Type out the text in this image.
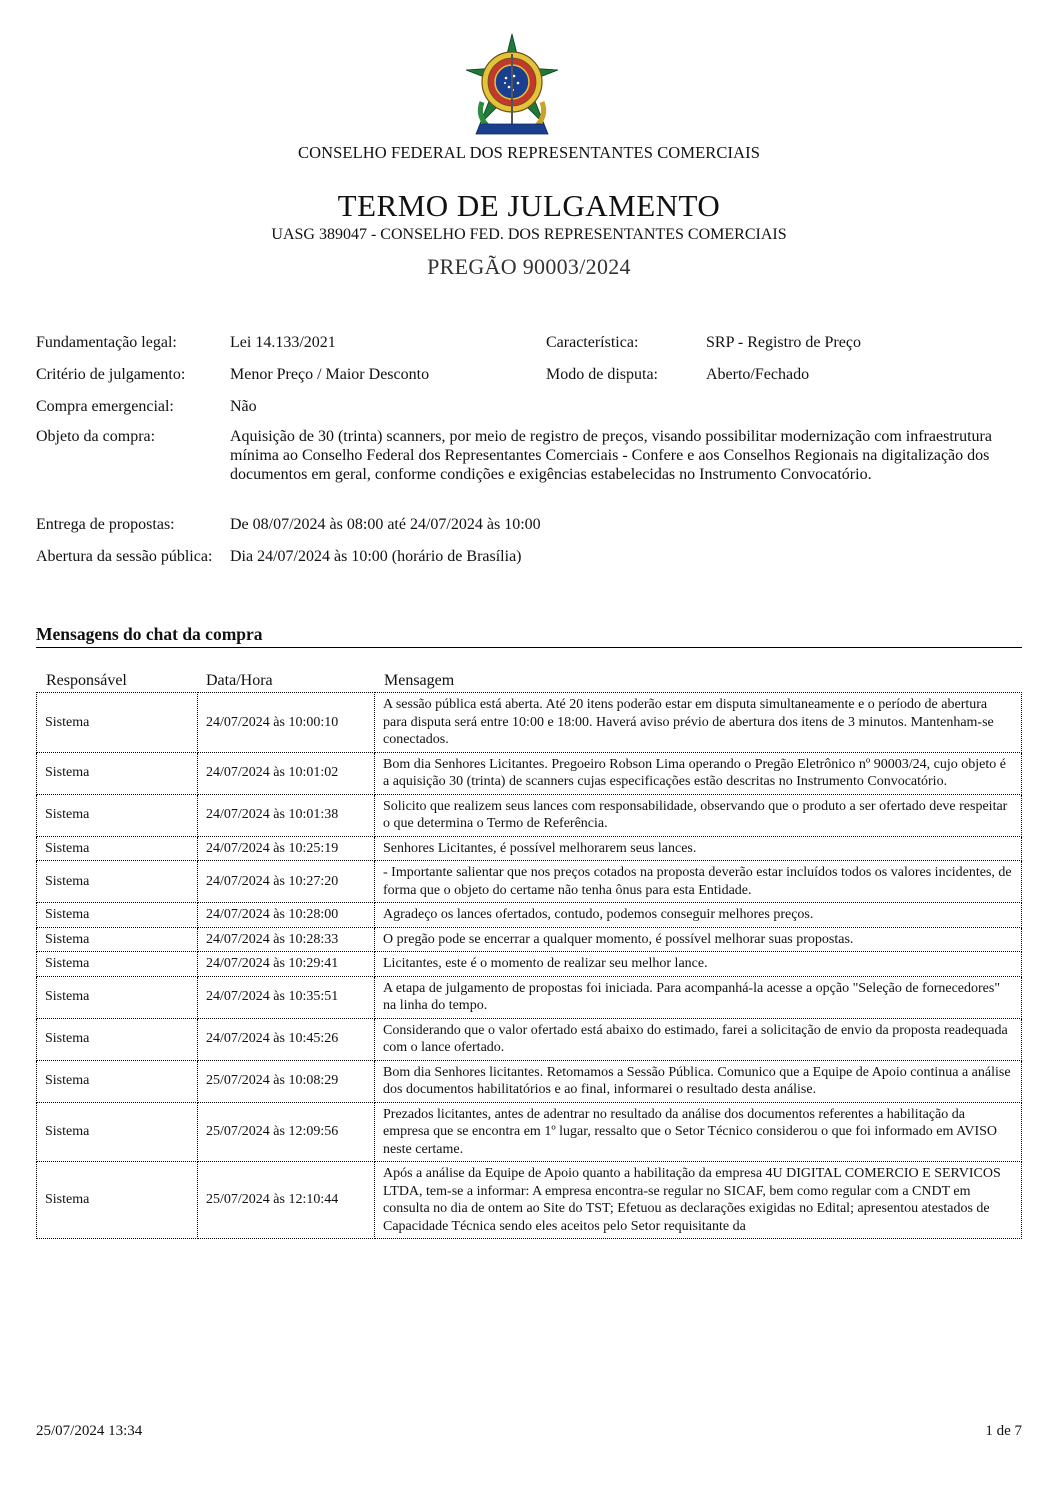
CONSELHO FEDERAL DOS REPRESENTANTES COMERCIAIS
TERMO DE JULGAMENTO
UASG 389047 - CONSELHO FED. DOS REPRESENTANTES COMERCIAIS
PREGÃO 90003/2024
Fundamentação legal:	Lei 14.133/2021	Característica:	SRP - Registro de Preço
Critério de julgamento:	Menor Preço / Maior Desconto	Modo de disputa:	Aberto/Fechado
Compra emergencial:	Não
Objeto da compra:	Aquisição de 30 (trinta) scanners, por meio de registro de preços, visando possibilitar modernização com infraestrutura mínima ao Conselho Federal dos Representantes Comerciais - Confere e aos Conselhos Regionais na digitalização dos documentos em geral, conforme condições e exigências estabelecidas no Instrumento Convocatório.
Entrega de propostas:	De 08/07/2024 às 08:00 até 24/07/2024 às 10:00
Abertura da sessão pública: Dia 24/07/2024 às 10:00 (horário de Brasília)
Mensagens do chat da compra
Responsável	Data/Hora	Mensagem
Sistema	24/07/2024 às 10:00:10	A sessão pública está aberta. Até 20 itens poderão estar em disputa simultaneamente e o período de abertura para disputa será entre 10:00 e 18:00. Haverá aviso prévio de abertura dos itens de 3 minutos. Mantenham-se conectados.
Sistema	24/07/2024 às 10:01:02	Bom dia Senhores Licitantes. Pregoeiro Robson Lima operando o Pregão Eletrônico nº 90003/24, cujo objeto é a aquisição 30 (trinta) de scanners cujas especificações estão descritas no Instrumento Convocatório.
Sistema	24/07/2024 às 10:01:38	Solicito que realizem seus lances com responsabilidade, observando que o produto a ser ofertado deve respeitar o que determina o Termo de Referência.
Sistema	24/07/2024 às 10:25:19	Senhores Licitantes, é possível melhorarem seus lances.
Sistema	24/07/2024 às 10:27:20	- Importante salientar que nos preços cotados na proposta deverão estar incluídos todos os valores incidentes, de forma que o objeto do certame não tenha ônus para esta Entidade.
Sistema	24/07/2024 às 10:28:00	Agradeço os lances ofertados, contudo, podemos conseguir melhores preços.
Sistema	24/07/2024 às 10:28:33	O pregão pode se encerrar a qualquer momento, é possível melhorar suas propostas.
Sistema	24/07/2024 às 10:29:41	Licitantes, este é o momento de realizar seu melhor lance.
Sistema	24/07/2024 às 10:35:51	A etapa de julgamento de propostas foi iniciada. Para acompanhá-la acesse a opção "Seleção de fornecedores" na linha do tempo.
Sistema	24/07/2024 às 10:45:26	Considerando que o valor ofertado está abaixo do estimado, farei a solicitação de envio da proposta readequada com o lance ofertado.
Sistema	25/07/2024 às 10:08:29	Bom dia Senhores licitantes. Retomamos a Sessão Pública. Comunico que a Equipe de Apoio continua a análise dos documentos habilitatórios e ao final, informarei o resultado desta análise.
Sistema	25/07/2024 às 12:09:56	Prezados licitantes, antes de adentrar no resultado da análise dos documentos referentes a habilitação da empresa que se encontra em 1º lugar, ressalto que o Setor Técnico considerou o que foi informado em AVISO neste certame.
Sistema	25/07/2024 às 12:10:44	Após a análise da Equipe de Apoio quanto a habilitação da empresa 4U DIGITAL COMERCIO E SERVICOS LTDA, tem-se a informar: A empresa encontra-se regular no SICAF, bem como regular com a CNDT em consulta no dia de ontem ao Site do TST; Efetuou as declarações exigidas no Edital; apresentou atestados de Capacidade Técnica sendo eles aceitos pelo Setor requisitante da
25/07/2024 13:34	1 de 7
